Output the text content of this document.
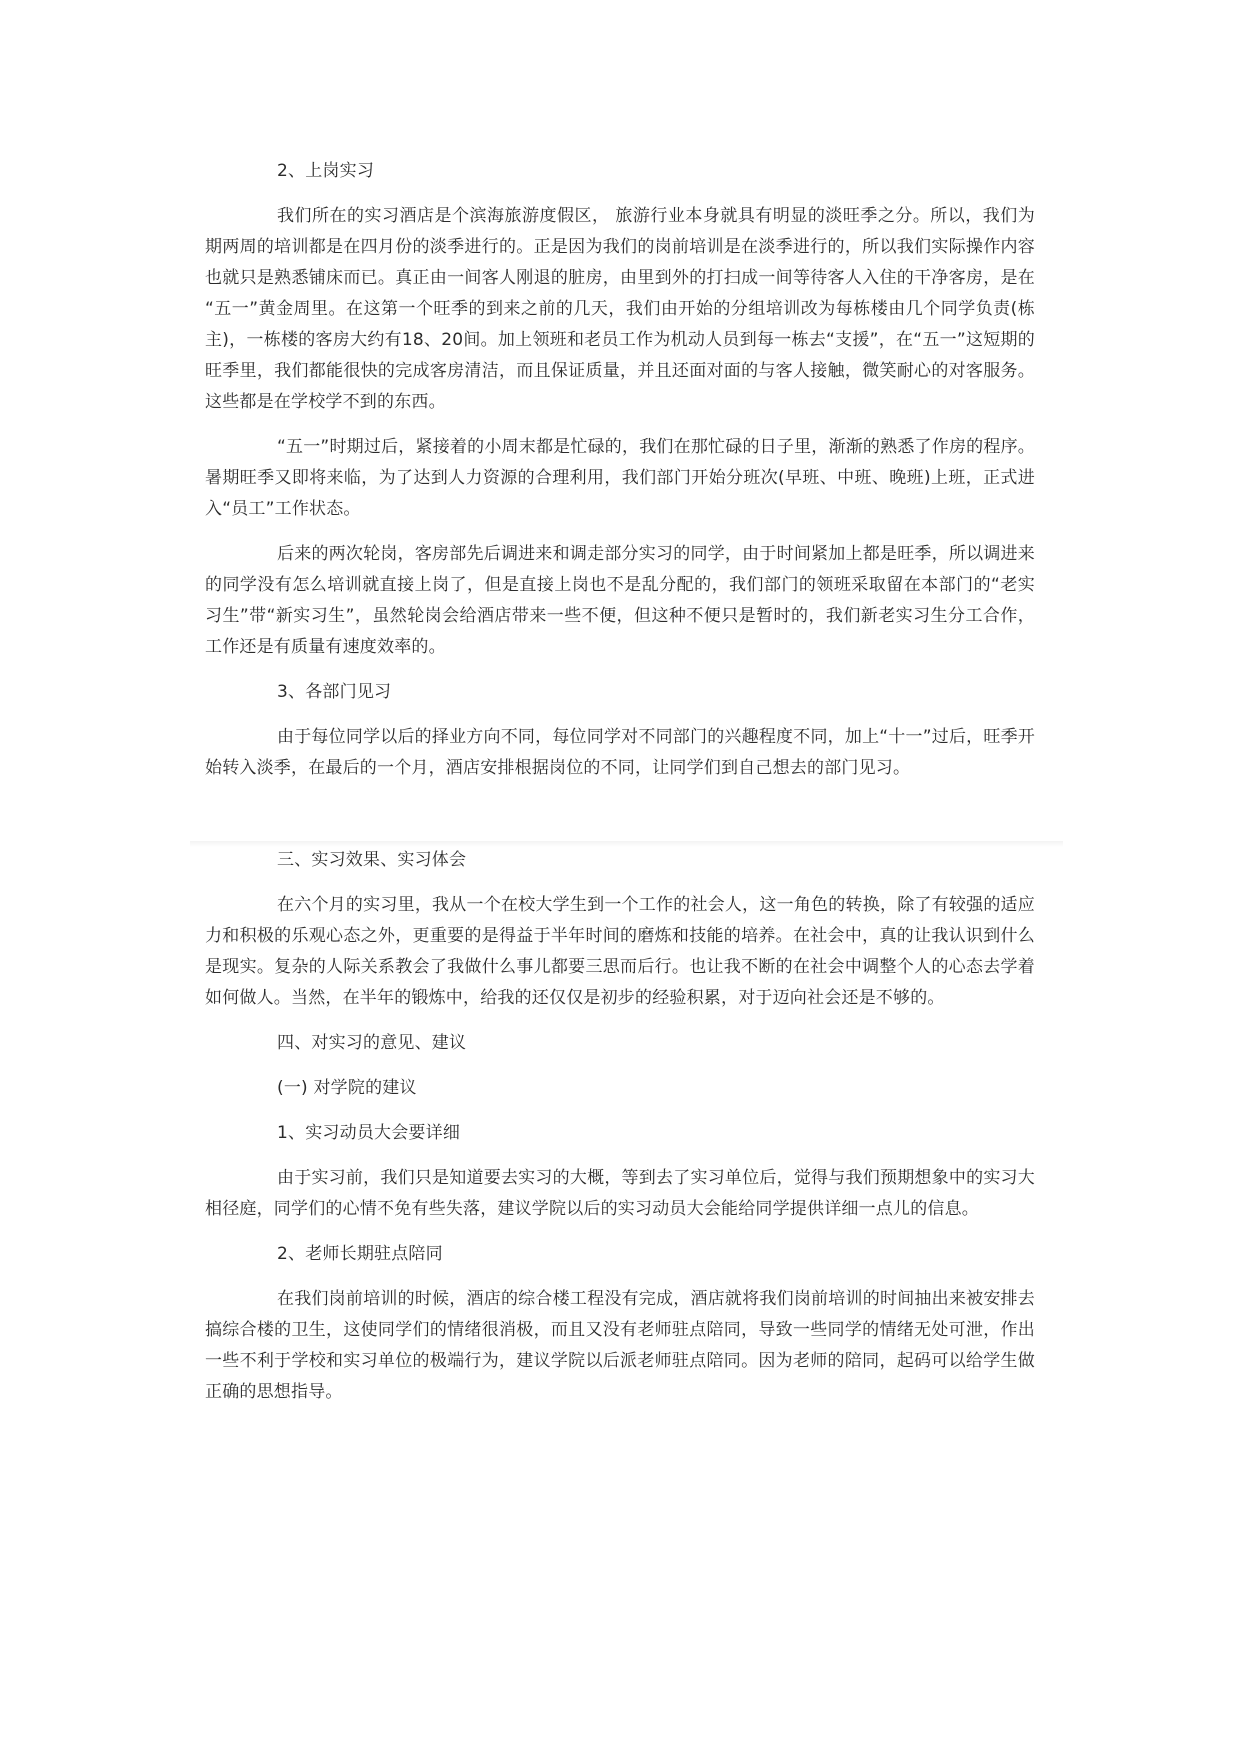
2、上岗实习

我们所在的实习酒店是个滨海旅游度假区， 旅游行业本身就具有明显的淡旺季之分。所以，我们为期两周的培训都是在四月份的淡季进行的。正是因为我们的岗前培训是在淡季进行的，所以我们实际操作内容也就只是熟悉铺床而已。真正由一间客人刚退的脏房，由里到外的打扫成一间等待客人入住的干净客房，是在 “五一”黄金周里。在这第一个旺季的到来之前的几天，我们由开始的分组培训改为每栋楼由几个同学负责(栋主)，一栋楼的客房大约有18、20间。加上领班和老员工作为机动人员到每一栋去“支援”，在“五一”这短期的旺季里，我们都能很快的完成客房清洁，而且保证质量，并且还面对面的与客人接触，微笑耐心的对客服务。这些都是在学校学不到的东西。

“五一”时期过后，紧接着的小周末都是忙碌的，我们在那忙碌的日子里，渐渐的熟悉了作房的程序。暑期旺季又即将来临，为了达到人力资源的合理利用，我们部门开始分班次(早班、中班、晚班)上班，正式进入“员工”工作状态。

后来的两次轮岗，客房部先后调进来和调走部分实习的同学，由于时间紧加上都是旺季，所以调进来的同学没有怎么培训就直接上岗了，但是直接上岗也不是乱分配的，我们部门的领班采取留在本部门的“老实习生”带“新实习生”，虽然轮岗会给酒店带来一些不便，但这种不便只是暂时的，我们新老实习生分工合作，工作还是有质量有速度效率的。

3、各部门见习

由于每位同学以后的择业方向不同，每位同学对不同部门的兴趣程度不同，加上“十一”过后，旺季开始转入淡季，在最后的一个月，酒店安排根据岗位的不同，让同学们到自己想去的部门见习。

三、实习效果、实习体会

在六个月的实习里，我从一个在校大学生到一个工作的社会人，这一角色的转换，除了有较强的适应力和积极的乐观心态之外，更重要的是得益于半年时间的磨炼和技能的培养。在社会中，真的让我认识到什么是现实。复杂的人际关系教会了我做什么事儿都要三思而后行。也让我不断的在社会中调整个人的心态去学着如何做人。当然，在半年的锻炼中，给我的还仅仅是初步的经验积累，对于迈向社会还是不够的。

四、对实习的意见、建议

(一) 对学院的建议

1、实习动员大会要详细

由于实习前，我们只是知道要去实习的大概，等到去了实习单位后，觉得与我们预期想象中的实习大相径庭，同学们的心情不免有些失落，建议学院以后的实习动员大会能给同学提供详细一点儿的信息。

2、老师长期驻点陪同

在我们岗前培训的时候，酒店的综合楼工程没有完成，酒店就将我们岗前培训的时间抽出来被安排去搞综合楼的卫生，这使同学们的情绪很消极，而且又没有老师驻点陪同，导致一些同学的情绪无处可泄，作出一些不利于学校和实习单位的极端行为，建议学院以后派老师驻点陪同。因为老师的陪同，起码可以给学生做正确的思想指导。
